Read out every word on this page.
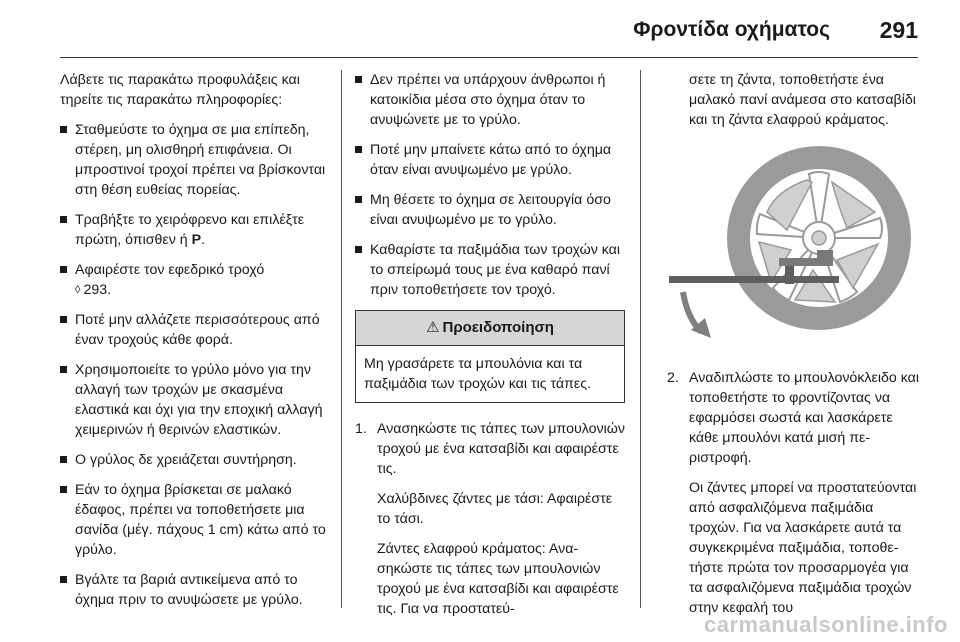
Φροντίδα οχήματος 291

Λάβετε τις παρακάτω προφυλάξεις και τηρείτε τις παρακάτω πληροφορίες:

Σταθμεύστε το όχημα σε μια επίπεδη, στέρεη, μη ολισθηρή επιφάνεια. Οι μπροστινοί τροχοί πρέπει να βρίσκονται στη θέση ευθείας πορείας.
Τραβήξτε το χειρόφρενο και επιλέξτε πρώτη, όπισθεν ή P.
Αφαιρέστε τον εφεδρικό τροχό
◊ 293.
Ποτέ μην αλλάζετε περισσότερους από έναν τροχούς κάθε φορά.
Χρησιμοποιείτε το γρύλο μόνο για την αλλαγή των τροχών με σκασμένα ελαστικά και όχι για την εποχική αλλαγή χειμερινών ή θερινών ελαστικών.
Ο γρύλος δε χρειάζεται συντήρηση.
Εάν το όχημα βρίσκεται σε μαλακό έδαφος, πρέπει να τοποθετήσετε μια σανίδα (μέγ. πάχους 1 cm) κάτω από το γρύλο.
Βγάλτε τα βαριά αντικείμενα από το όχημα πριν το ανυψώσετε με γρύλο.
Δεν πρέπει να υπάρχουν άνθρωποι ή κατοικίδια μέσα στο όχημα όταν το ανυψώνετε με το γρύλο.
Ποτέ μην μπαίνετε κάτω από το όχημα όταν είναι ανυψωμένο με γρύλο.
Μη θέσετε το όχημα σε λειτουργία όσο είναι ανυψωμένο με το γρύλο.
Καθαρίστε τα παξιμάδια των τροχών και το σπείρωμά τους με ένα καθαρό πανί πριν τοποθετήσετε τον τροχό.
⚠ Προειδοποίηση
Μη γρασάρετε τα μπουλόνια και τα παξιμάδια των τροχών και τις τάπες.
1. Ανασηκώστε τις τάπες των μπουλονιών τροχού με ένα κατσαβίδι και αφαιρέστε τις.

Χαλύβδινες ζάντες με τάσι: Αφαιρέστε το τάσι.

Ζάντες ελαφρού κράματος: Ανασηκώστε τις τάπες των μπουλονιών τροχού με ένα κατσαβίδι και αφαιρέστε τις. Για να προστατεύ-

σετε τη ζάντα, τοποθετήστε ένα μαλακό πανί ανάμεσα στο κατσαβίδι και τη ζάντα ελαφρού κράματος.

2. Αναδιπλώστε το μπουλονόκλειδο και τοποθετήστε το φροντίζοντας να εφαρμόσει σωστά και λασκάρετε κάθε μπουλόνι κατά μισή περιστροφή.

Οι ζάντες μπορεί να προστατεύονται από ασφαλιζόμενα παξιμάδια τροχών. Για να λασκάρετε αυτά τα συγκεκριμένα παξιμάδια, τοποθετήστε πρώτα τον προσαρμογέα για τα ασφαλιζόμενα παξιμάδια τροχών στην κεφαλή του

carmanualsonline.info
